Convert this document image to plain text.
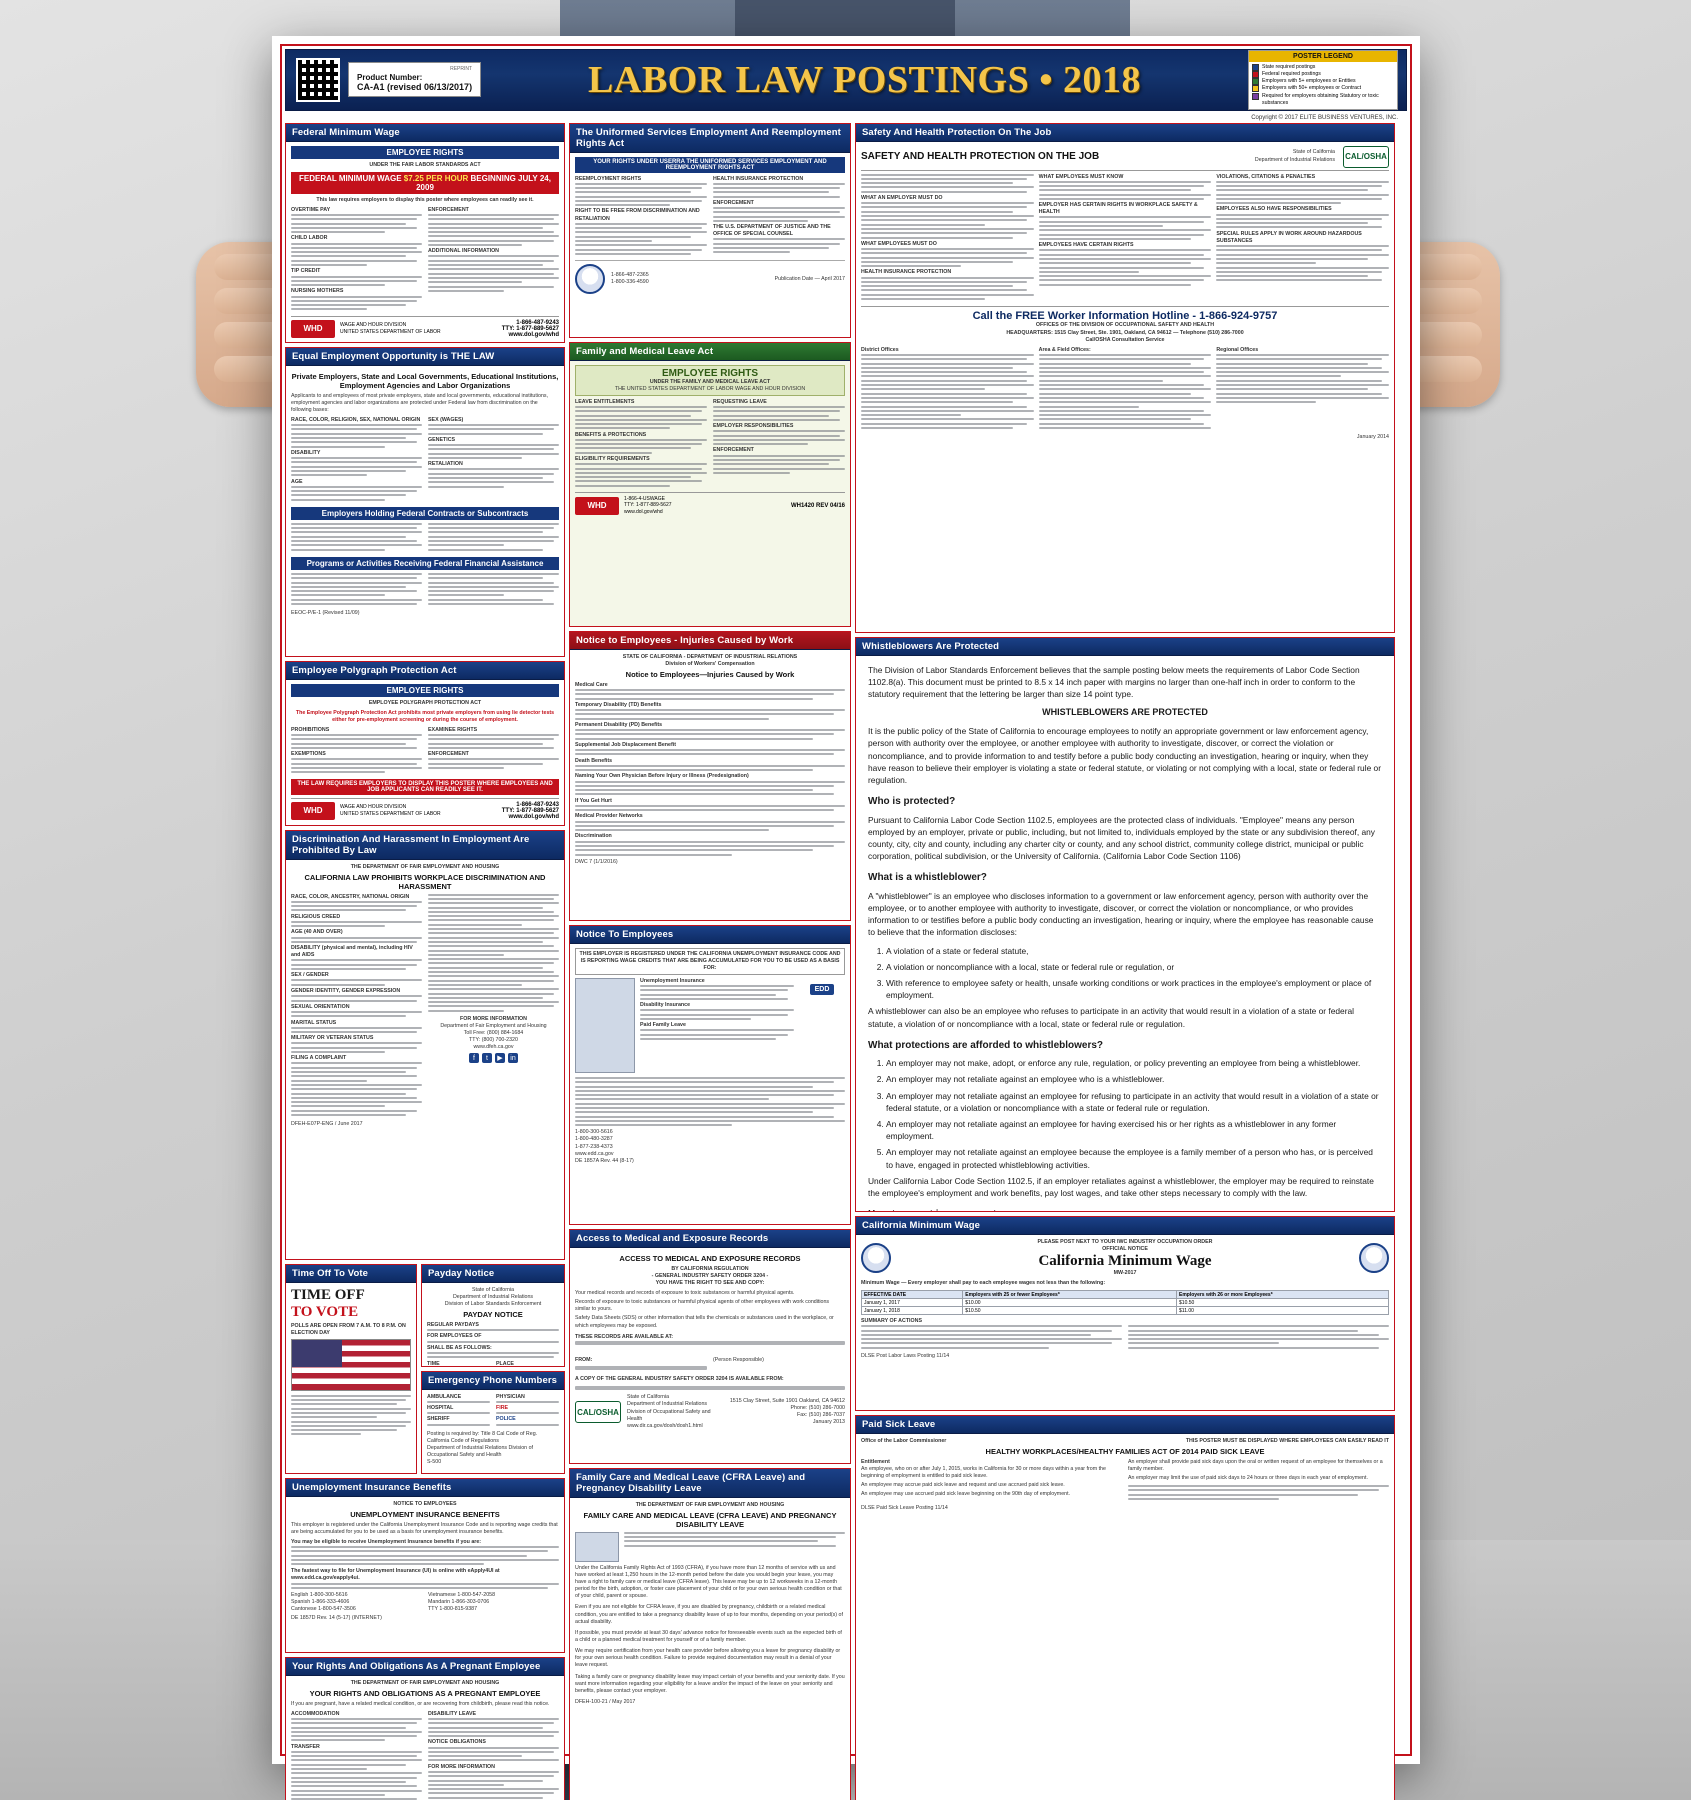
REPRINT
Product Number:
CA-A1 (revised 06/13/2017)	LABOR LAW POSTINGS • 2018
POSTER LEGEND
State required postings
Federal required postings
Employers with 5+ employees or Entities
Employers with 50+ employees or Contract
Required for employers obtaining Statutory or toxic substances
Copyright © 2017 ELITE BUSINESS VENTURES, INC.
Federal Minimum Wage
EMPLOYEE RIGHTS
UNDER THE FAIR LABOR STANDARDS ACT
FEDERAL MINIMUM WAGE $7.25 PER HOUR BEGINNING JULY 24, 2009
This law requires employers to display this poster where employees can readily see it.
OVERTIME PAY
CHILD LABOR
TIP CREDIT
NURSING MOTHERS
ENFORCEMENT
ADDITIONAL INFORMATION
WHD	WAGE AND HOUR DIVISION
UNITED STATES DEPARTMENT OF LABOR
1-866-487-9243
TTY: 1-877-889-5627
www.dol.gov/whd
Equal Employment Opportunity is THE LAW
Private Employers, State and Local Governments, Educational Institutions, Employment Agencies and Labor Organizations
Applicants to and employees of most private employers, state and local governments, educational institutions, employment agencies and labor organizations are protected under Federal law from discrimination on the following bases:
RACE, COLOR, RELIGION, SEX, NATIONAL ORIGIN
DISABILITY
AGE
SEX (WAGES)
GENETICS
RETALIATION
Employers Holding Federal Contracts or Subcontracts
Programs or Activities Receiving Federal Financial Assistance
EEOC-P/E-1 (Revised 11/09)
Employee Polygraph Protection Act
EMPLOYEE RIGHTS
EMPLOYEE POLYGRAPH PROTECTION ACT
The Employee Polygraph Protection Act prohibits most private employers from using lie detector tests either for pre-employment screening or during the course of employment.
PROHIBITIONS
EXEMPTIONS
EXAMINEE RIGHTS
ENFORCEMENT
THE LAW REQUIRES EMPLOYERS TO DISPLAY THIS POSTER WHERE EMPLOYEES AND JOB APPLICANTS CAN READILY SEE IT.
WHD	WAGE AND HOUR DIVISION
UNITED STATES DEPARTMENT OF LABOR
1-866-487-9243
TTY: 1-877-889-5627
www.dol.gov/whd
Discrimination And Harassment In Employment Are Prohibited By Law
THE DEPARTMENT OF FAIR EMPLOYMENT AND HOUSING
CALIFORNIA LAW PROHIBITS WORKPLACE DISCRIMINATION AND HARASSMENT
RACE, COLOR, ANCESTRY, NATIONAL ORIGIN
RELIGIOUS CREED
AGE (40 AND OVER)
DISABILITY (physical and mental), including HIV and AIDS
SEX / GENDER
GENDER IDENTITY, GENDER EXPRESSION
SEXUAL ORIENTATION
MARITAL STATUS
MILITARY OR VETERAN STATUS
FILING A COMPLAINT
FOR MORE INFORMATION
Department of Fair Employment and Housing
Toll Free: (800) 884-1684
TTY: (800) 700-2320
www.dfeh.ca.gov
f	t	▶	in
DFEH-E07P-ENG / June 2017
Time Off To Vote
TIME OFF
TO VOTE
POLLS ARE OPEN FROM 7 A.M. TO 8 P.M. ON ELECTION DAY
Payday Notice
State of California
Department of Industrial Relations
Division of Labor Standards Enforcement
PAYDAY NOTICE
REGULAR PAYDAYS
FOR EMPLOYEES OF
SHALL BE AS FOLLOWS:
TIME	PLACE
Emergency Phone Numbers
AMBULANCE
HOSPITAL
SHERIFF
PHYSICIAN
FIRE
POLICE
Posting is required by: Title 8 Cal Code of Reg. California Code of Regulations
Department of Industrial Relations Division of Occupational Safety and Health
S-500
Unemployment Insurance Benefits
NOTICE TO EMPLOYEES
UNEMPLOYMENT INSURANCE BENEFITS
This employer is registered under the California Unemployment Insurance Code and is reporting wage credits that are being accumulated for you to be used as a basis for unemployment insurance benefits.
You may be eligible to receive Unemployment Insurance benefits if you are:
The fastest way to file for Unemployment Insurance (UI) is online with eApply4UI at www.edd.ca.gov/eapply4ui.
English 1-800-300-5616
Spanish 1-866-333-4606
Cantonese 1-800-547-3506
Vietnamese 1-800-547-2058
Mandarin 1-866-303-0706
TTY 1-800-815-9387
DE 1857D Rev. 14 (5-17) (INTERNET)
Your Rights And Obligations As A Pregnant Employee
THE DEPARTMENT OF FAIR EMPLOYMENT AND HOUSING
YOUR RIGHTS AND OBLIGATIONS AS A PREGNANT EMPLOYEE
If you are pregnant, have a related medical condition, or are recovering from childbirth, please read this notice.
ACCOMMODATION
TRANSFER
DISABILITY LEAVE
NOTICE OBLIGATIONS
FOR MORE INFORMATION
The Uniformed Services Employment And Reemployment Rights Act
YOUR RIGHTS UNDER USERRA THE UNIFORMED SERVICES EMPLOYMENT AND REEMPLOYMENT RIGHTS ACT
REEMPLOYMENT RIGHTS
RIGHT TO BE FREE FROM DISCRIMINATION AND RETALIATION
HEALTH INSURANCE PROTECTION
ENFORCEMENT
THE U.S. DEPARTMENT OF JUSTICE AND THE OFFICE OF SPECIAL COUNSEL
1-866-487-2365
1-800-336-4590
Publication Date — April 2017
Family and Medical Leave Act
EMPLOYEE RIGHTS
UNDER THE FAMILY AND MEDICAL LEAVE ACT
THE UNITED STATES DEPARTMENT OF LABOR WAGE AND HOUR DIVISION
LEAVE ENTITLEMENTS
BENEFITS & PROTECTIONS
ELIGIBILITY REQUIREMENTS
REQUESTING LEAVE
EMPLOYER RESPONSIBILITIES
ENFORCEMENT
WHD
1-866-4-USWAGE
TTY: 1-877-889-5627
www.dol.gov/whd
WH1420 REV 04/16
Notice to Employees - Injuries Caused by Work
STATE OF CALIFORNIA - DEPARTMENT OF INDUSTRIAL RELATIONS
Division of Workers' Compensation
Notice to Employees—Injuries Caused by Work
Medical Care
Temporary Disability (TD) Benefits
Permanent Disability (PD) Benefits
Supplemental Job Displacement Benefit
Death Benefits
Naming Your Own Physician Before Injury or Illness (Predesignation)
If You Get Hurt
Medical Provider Networks
Discrimination
DWC 7 (1/1/2016)
Notice To Employees
THIS EMPLOYER IS REGISTERED UNDER THE CALIFORNIA UNEMPLOYMENT INSURANCE CODE AND IS REPORTING WAGE CREDITS THAT ARE BEING ACCUMULATED FOR YOU TO BE USED AS A BASIS FOR:
Unemployment Insurance
Disability Insurance
Paid Family Leave
EDD
1-800-300-5616
1-800-480-3287
1-877-238-4373
www.edd.ca.gov
DE 1857A Rev. 44 (8-17)
Access to Medical and Exposure Records
ACCESS TO MEDICAL AND EXPOSURE RECORDS
BY CALIFORNIA REGULATION
- GENERAL INDUSTRY SAFETY ORDER 3204 -
YOU HAVE THE RIGHT TO SEE AND COPY:
Your medical records and records of exposure to toxic substances or harmful physical agents.
Records of exposure to toxic substances or harmful physical agents of other employees with work conditions similar to yours.
Safety Data Sheets (SDS) or other information that tells the chemicals or substances used in the workplace, or which employees may be exposed.
THESE RECORDS ARE AVAILABLE AT:
FROM:	(Person Responsible)
A COPY OF THE GENERAL INDUSTRY SAFETY ORDER 3204 IS AVAILABLE FROM:
CAL/OSHA
State of California
Department of Industrial Relations
Division of Occupational Safety and Health
www.dir.ca.gov/dosh/dosh1.html
1515 Clay Street, Suite 1901 Oakland, CA 94612
Phone: (510) 286-7000
Fax: (510) 286-7037
January 2013
Family Care and Medical Leave (CFRA Leave) and Pregnancy Disability Leave
THE DEPARTMENT OF FAIR EMPLOYMENT AND HOUSING
FAMILY CARE AND MEDICAL LEAVE (CFRA LEAVE) AND PREGNANCY DISABILITY LEAVE
Under the California Family Rights Act of 1993 (CFRA), if you have more than 12 months of service with us and have worked at least 1,250 hours in the 12-month period before the date you would begin your leave, you may have a right to family care or medical leave (CFRA leave). This leave may be up to 12 workweeks in a 12-month period for the birth, adoption, or foster care placement of your child or for your own serious health condition or that of your child, parent or spouse.
Even if you are not eligible for CFRA leave, if you are disabled by pregnancy, childbirth or a related medical condition, you are entitled to take a pregnancy disability leave of up to four months, depending on your period(s) of actual disability.
If possible, you must provide at least 30 days' advance notice for foreseeable events such as the expected birth of a child or a planned medical treatment for yourself or of a family member.
We may require certification from your health care provider before allowing you a leave for pregnancy disability or for your own serious health condition. Failure to provide required documentation may result in a denial of your leave request.
Taking a family care or pregnancy disability leave may impact certain of your benefits and your seniority date. If you want more information regarding your eligibility for a leave and/or the impact of the leave on your seniority and benefits, please contact your employer.
DFEH-100-21 / May 2017
Safety And Health Protection On The Job
SAFETY AND HEALTH PROTECTION ON THE JOB	State of California
Department of Industrial Relations CAL/OSHA
WHAT AN EMPLOYER MUST DO
WHAT EMPLOYEES MUST DO
HEALTH INSURANCE PROTECTION
WHAT EMPLOYEES MUST KNOW
EMPLOYER HAS CERTAIN RIGHTS IN WORKPLACE SAFETY & HEALTH
EMPLOYEES HAVE CERTAIN RIGHTS
VIOLATIONS, CITATIONS & PENALTIES
EMPLOYEES ALSO HAVE RESPONSIBILITIES
SPECIAL RULES APPLY IN WORK AROUND HAZARDOUS SUBSTANCES
Call the FREE Worker Information Hotline - 1-866-924-9757
OFFICES OF THE DIVISION OF OCCUPATIONAL SAFETY AND HEALTH
HEADQUARTERS: 1515 Clay Street, Ste. 1901, Oakland, CA 94612 — Telephone (510) 286-7000
Cal/OSHA Consultation Service
District Offices	Area & Field Offices:	Regional Offices
January 2014
Whistleblowers Are Protected

The Division of Labor Standards Enforcement believes that the sample posting below meets the requirements of Labor Code Section 1102.8(a). This document must be printed to 8.5 x 14 inch paper with margins no larger than one-half inch in order to conform to the statutory requirement that the lettering be larger than size 14 point type.

WHISTLEBLOWERS ARE PROTECTED

It is the public policy of the State of California to encourage employees to notify an appropriate government or law enforcement agency, person with authority over the employee, or another employee with authority to investigate, discover, or correct the violation or noncompliance, and to provide information to and testify before a public body conducting an investigation, hearing or inquiry, when they have reason to believe their employer is violating a state or federal statute, or violating or not complying with a local, state or federal rule or regulation.

Who is protected?

Pursuant to California Labor Code Section 1102.5, employees are the protected class of individuals. "Employee" means any person employed by an employer, private or public, including, but not limited to, individuals employed by the state or any subdivision thereof, any county, city, city and county, including any charter city or county, and any school district, community college district, municipal or public corporation, political subdivision, or the University of California. (California Labor Code Section 1106)

What is a whistleblower?

A "whistleblower" is an employee who discloses information to a government or law enforcement agency, person with authority over the employee, or to another employee with authority to investigate, discover, or correct the violation or noncompliance, or who provides information to or testifies before a public body conducting an investigation, hearing or inquiry, where the employee has reasonable cause to believe that the information discloses:

1. A violation of a state or federal statute,
2. A violation or noncompliance with a local, state or federal rule or regulation, or
3. With reference to employee safety or health, unsafe working conditions or work practices in the employee's employment or place of employment.

A whistleblower can also be an employee who refuses to participate in an activity that would result in a violation of a state or federal statute, a violation of or noncompliance with a local, state or federal rule or regulation.

What protections are afforded to whistleblowers?
1. An employer may not make, adopt, or enforce any rule, regulation, or policy preventing an employee from being a whistleblower.
2. An employer may not retaliate against an employee who is a whistleblower.
3. An employer may not retaliate against an employee for refusing to participate in an activity that would result in a violation of a state or federal statute, or a violation or noncompliance with a state or federal rule or regulation.
4. An employer may not retaliate against an employee for having exercised his or her rights as a whistleblower in any former employment.
5. An employer may not retaliate against an employee because the employee is a family member of a person who has, or is perceived to have, engaged in protected whistleblowing activities.

Under California Labor Code Section 1102.5, if an employer retaliates against a whistleblower, the employer may be required to reinstate the employee's employment and work benefits, pay lost wages, and take other steps necessary to comply with the law.

California Minimum Wage
PLEASE POST NEXT TO YOUR IWC INDUSTRY OCCUPATION ORDER
OFFICIAL NOTICE
California Minimum Wage
MW-2017
Minimum Wage — Every employer shall pay to each employee wages not less than the following:
EFFECTIVE DATE	Employers with 25 or fewer Employees*	Employers with 26 or more Employees*
January 1, 2017	$10.00	$10.50
January 1, 2018	$10.50	$11.00
SUMMARY OF ACTIONS
DLSE Post Labor Laws Posting 11/14
Paid Sick Leave
Office of the Labor Commissioner	THIS POSTER MUST BE DISPLAYED WHERE EMPLOYEES CAN EASILY READ IT
HEALTHY WORKPLACES/HEALTHY FAMILIES ACT OF 2014 PAID SICK LEAVE
Entitlement
An employee, who on or after July 1, 2015, works in California for 30 or more days within a year from the beginning of employment is entitled to paid sick leave.
An employee may accrue paid sick leave and request and use accrued paid sick leave.
An employee may use accrued paid sick leave beginning on the 90th day of employment.
An employer shall provide paid sick days upon the oral or written request of an employee for themselves or a family member.
An employer may limit the use of paid sick days to 24 hours or three days in each year of employment.
DLSE Paid Sick Leave Posting 11/14
